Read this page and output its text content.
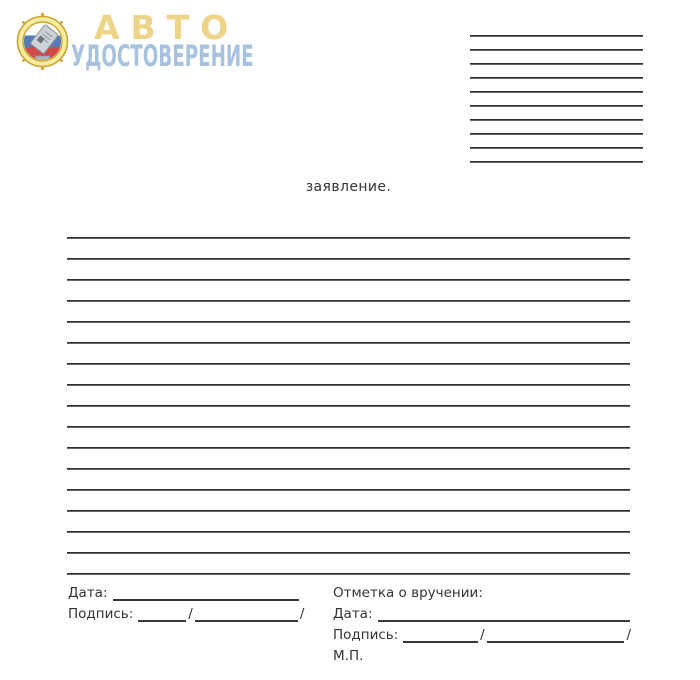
АВТО
УДОСТОВЕРЕНИЕ
заявление.
Дата:
Подпись:	/	/
Отметка о вручении:
Дата:
Подпись:	/	/
М.П.
